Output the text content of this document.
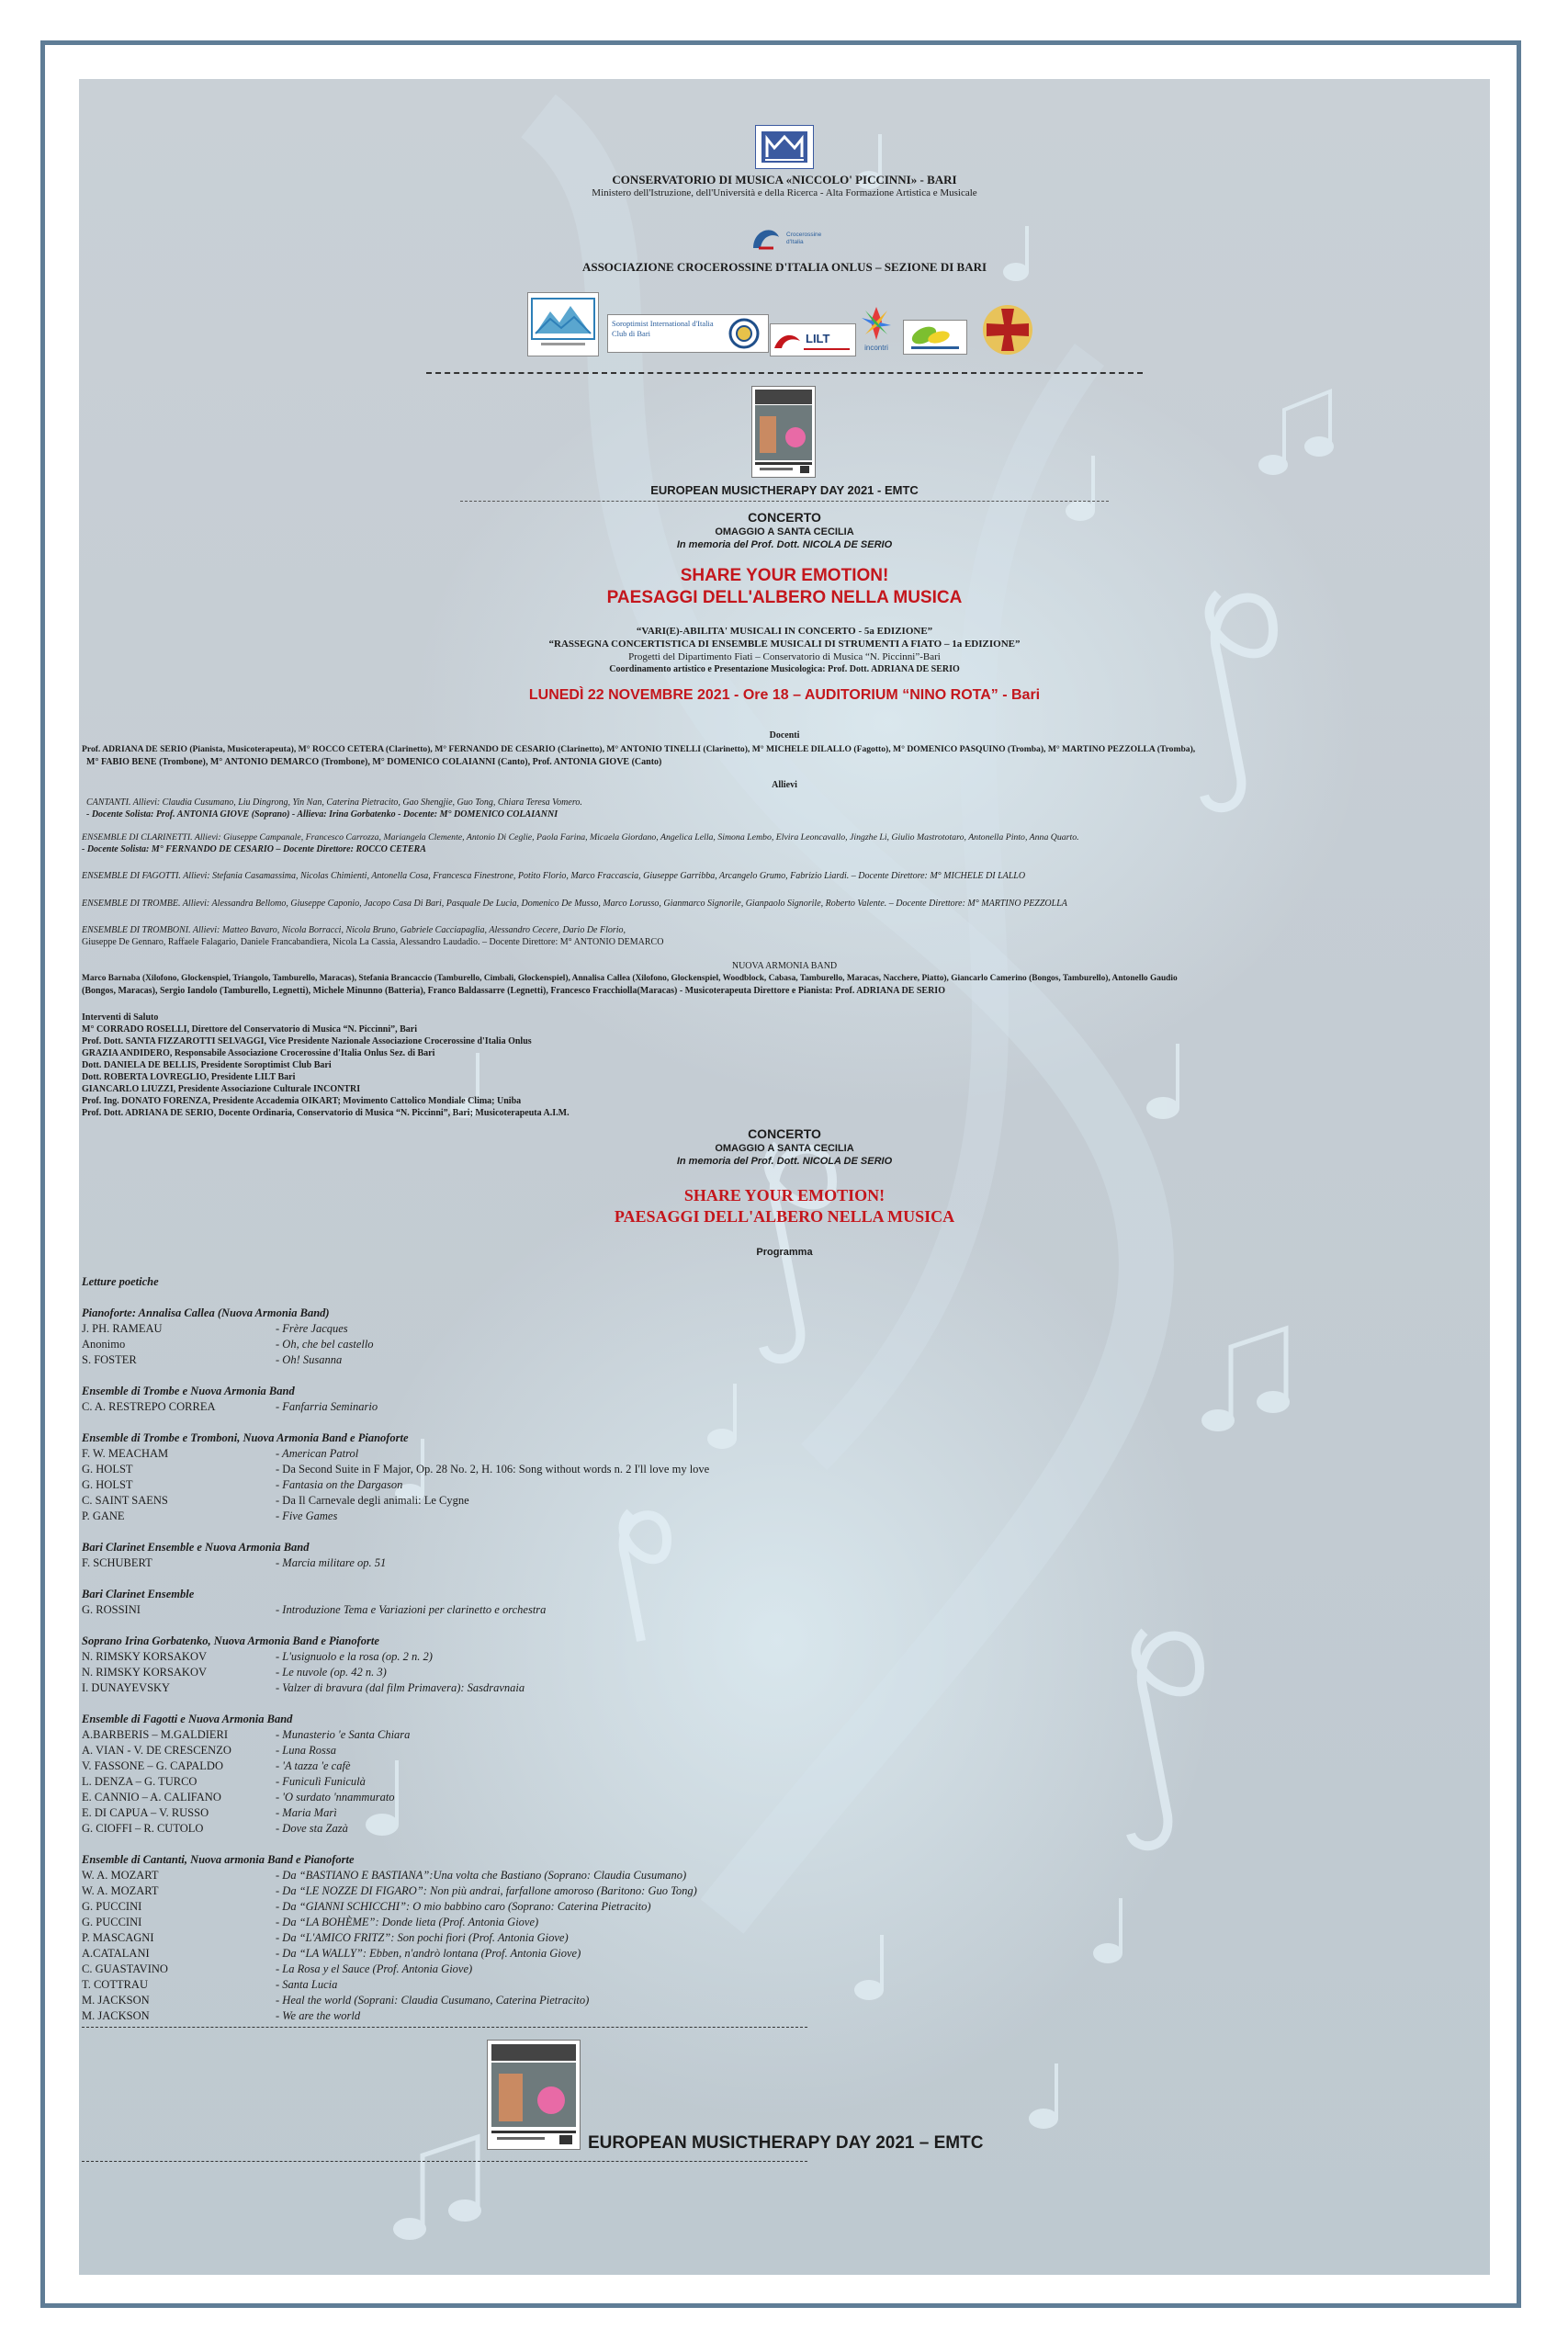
CONSERVATORIO DI MUSICA «NICCOLO' PICCINNI» - BARI
Ministero dell'Istruzione, dell'Università e della Ricerca - Alta Formazione Artistica e Musicale
Crocerossine d'Italia
ASSOCIAZIONE CROCEROSSINE D'ITALIA ONLUS – SEZIONE DI BARI
Soroptimist International d'Italia Club di Bari	LILT
incontri
EUROPEAN MUSICTHERAPY DAY 2021 - EMTC
CONCERTO
OMAGGIO A SANTA CECILIA
In memoria del Prof. Dott. NICOLA DE SERIO
SHARE YOUR EMOTION!
PAESAGGI DELL'ALBERO NELLA MUSICA
“VARI(E)-ABILITA' MUSICALI IN CONCERTO - 5a EDIZIONE”
“RASSEGNA CONCERTISTICA DI ENSEMBLE MUSICALI DI STRUMENTI A FIATO – 1a EDIZIONE”
Progetti del Dipartimento Fiati – Conservatorio di Musica “N. Piccinni”-Bari
Coordinamento artistico e Presentazione Musicologica: Prof. Dott. ADRIANA DE SERIO
LUNEDÌ 22 NOVEMBRE 2021 - Ore 18 – AUDITORIUM “NINO ROTA” - Bari
Docenti
Prof. ADRIANA DE SERIO (Pianista, Musicoterapeuta), M° ROCCO CETERA (Clarinetto), M° FERNANDO DE CESARIO (Clarinetto), M° ANTONIO TINELLI (Clarinetto), M° MICHELE DILALLO (Fagotto), M° DOMENICO PASQUINO (Tromba), M° MARTINO PEZZOLLA (Tromba),
M° FABIO BENE (Trombone), M° ANTONIO DEMARCO (Trombone), M° DOMENICO COLAIANNI (Canto), Prof. ANTONIA GIOVE (Canto)
Allievi
CANTANTI. Allievi: Claudia Cusumano, Liu Dingrong, Yin Nan, Caterina Pietracito, Gao Shengjie, Guo Tong, Chiara Teresa Vomero.
- Docente Solista: Prof. ANTONIA GIOVE (Soprano) - Allieva: Irina Gorbatenko - Docente: M° DOMENICO COLAIANNI
ENSEMBLE DI CLARINETTI. Allievi: Giuseppe Campanale, Francesco Carrozza, Mariangela Clemente, Antonio Di Ceglie, Paola Farina, Micaela Giordano, Angelica Lella, Simona Lembo, Elvira Leoncavallo, Jingzhe Li, Giulio Mastrototaro, Antonella Pinto, Anna Quarto.
- Docente Solista: M° FERNANDO DE CESARIO – Docente Direttore: ROCCO CETERA
ENSEMBLE DI FAGOTTI. Allievi: Stefania Casamassima, Nicolas Chimienti, Antonella Cosa, Francesca Finestrone, Potito Florio, Marco Fraccascia, Giuseppe Garribba, Arcangelo Grumo, Fabrizio Liardi. – Docente Direttore: M° MICHELE DI LALLO
ENSEMBLE DI TROMBE. Allievi: Alessandra Bellomo, Giuseppe Caponio, Jacopo Casa Di Bari, Pasquale De Lucia, Domenico De Musso, Marco Lorusso, Gianmarco Signorile, Gianpaolo Signorile, Roberto Valente. – Docente Direttore: M° MARTINO PEZZOLLA
ENSEMBLE DI TROMBONI. Allievi: Matteo Bavaro, Nicola Borracci, Nicola Bruno, Gabriele Cacciapaglia, Alessandro Cecere, Dario De Florio,
Giuseppe De Gennaro, Raffaele Falagario, Daniele Francabandiera, Nicola La Cassia, Alessandro Laudadio. – Docente Direttore: M° ANTONIO DEMARCO
NUOVA ARMONIA BAND
Marco Barnaba (Xilofono, Glockenspiel, Triangolo, Tamburello, Maracas), Stefania Brancaccio (Tamburello, Cimbali, Glockenspiel), Annalisa Callea (Xilofono, Glockenspiel, Woodblock, Cabasa, Tamburello, Maracas, Nacchere, Piatto), Giancarlo Camerino (Bongos, Tamburello), Antonello Gaudio
(Bongos, Maracas), Sergio Iandolo (Tamburello, Legnetti), Michele Minunno (Batteria), Franco Baldassarre (Legnetti), Francesco Fracchiolla(Maracas) - Musicoterapeuta Direttore e Pianista: Prof. ADRIANA DE SERIO
Interventi di Saluto
M° CORRADO ROSELLI, Direttore del Conservatorio di Musica “N. Piccinni”, Bari
Prof. Dott. SANTA FIZZAROTTI SELVAGGI, Vice Presidente Nazionale Associazione Crocerossine d'Italia Onlus
GRAZIA ANDIDERO, Responsabile Associazione Crocerossine d'Italia Onlus Sez. di Bari
Dott. DANIELA DE BELLIS, Presidente Soroptimist Club Bari
Dott. ROBERTA LOVREGLIO, Presidente LILT Bari
GIANCARLO LIUZZI, Presidente Associazione Culturale INCONTRI
Prof. Ing. DONATO FORENZA, Presidente Accademia OIKART; Movimento Cattolico Mondiale Clima; Uniba
Prof. Dott. ADRIANA DE SERIO, Docente Ordinaria, Conservatorio di Musica “N. Piccinni”, Bari; Musicoterapeuta A.I.M.
CONCERTO
OMAGGIO A SANTA CECILIA
In memoria del Prof. Dott. NICOLA DE SERIO
SHARE YOUR EMOTION!
PAESAGGI DELL'ALBERO NELLA MUSICA
Programma
Letture poetiche
Pianoforte: Annalisa Callea (Nuova Armonia Band)
J. PH. RAMEAU	- Frère Jacques
Anonimo	- Oh, che bel castello
S. FOSTER	- Oh! Susanna
Ensemble di Trombe e Nuova Armonia Band
C. A. RESTREPO CORREA	- Fanfarria Seminario
Ensemble di Trombe e Tromboni, Nuova Armonia Band e Pianoforte
F. W. MEACHAM	- American Patrol
G. HOLST	- Da Second Suite in F Major, Op. 28 No. 2, H. 106: Song without words n. 2 I'll love my love
G. HOLST	- Fantasia on the Dargason
C. SAINT SAENS	- Da Il Carnevale degli animali: Le Cygne
P. GANE	- Five Games
Bari Clarinet Ensemble e Nuova Armonia Band
F. SCHUBERT	- Marcia militare op. 51
Bari Clarinet Ensemble
G. ROSSINI	- Introduzione Tema e Variazioni per clarinetto e orchestra
Soprano Irina Gorbatenko, Nuova Armonia Band e Pianoforte
N. RIMSKY KORSAKOV	- L'usignuolo e la rosa (op. 2 n. 2)
N. RIMSKY KORSAKOV	- Le nuvole (op. 42 n. 3)
I. DUNAYEVSKY	- Valzer di bravura (dal film Primavera): Sasdravnaia
Ensemble di Fagotti e Nuova Armonia Band
A.BARBERIS – M.GALDIERI	- Munasterio 'e Santa Chiara
A. VIAN - V. DE CRESCENZO	- Luna Rossa
V. FASSONE – G. CAPALDO	- 'A tazza 'e cafè
L. DENZA – G. TURCO	- Funiculì Funiculà
E. CANNIO – A. CALIFANO	- 'O surdato 'nnammurato
E. DI CAPUA – V. RUSSO	- Maria Marì
G. CIOFFI – R. CUTOLO	- Dove sta Zazà
Ensemble di Cantanti, Nuova armonia Band e Pianoforte
W. A. MOZART	- Da “BASTIANO E BASTIANA”:Una volta che Bastiano (Soprano: Claudia Cusumano)
W. A. MOZART	- Da “LE NOZZE DI FIGARO”: Non più andrai, farfallone amoroso (Baritono: Guo Tong)
G. PUCCINI	- Da “GIANNI SCHICCHI”: O mio babbino caro (Soprano: Caterina Pietracito)
G. PUCCINI	- Da “LA BOHÈME”: Donde lieta (Prof. Antonia Giove)
P. MASCAGNI	- Da “L'AMICO FRITZ”: Son pochi fiori (Prof. Antonia Giove)
A.CATALANI	- Da “LA WALLY”: Ebben, n'andrò lontana (Prof. Antonia Giove)
C. GUASTAVINO	- La Rosa y el Sauce (Prof. Antonia Giove)
T. COTTRAU	- Santa Lucia
M. JACKSON	- Heal the world (Soprani: Claudia Cusumano, Caterina Pietracito)
M. JACKSON	- We are the world
EUROPEAN MUSICTHERAPY DAY 2021 – EMTC
